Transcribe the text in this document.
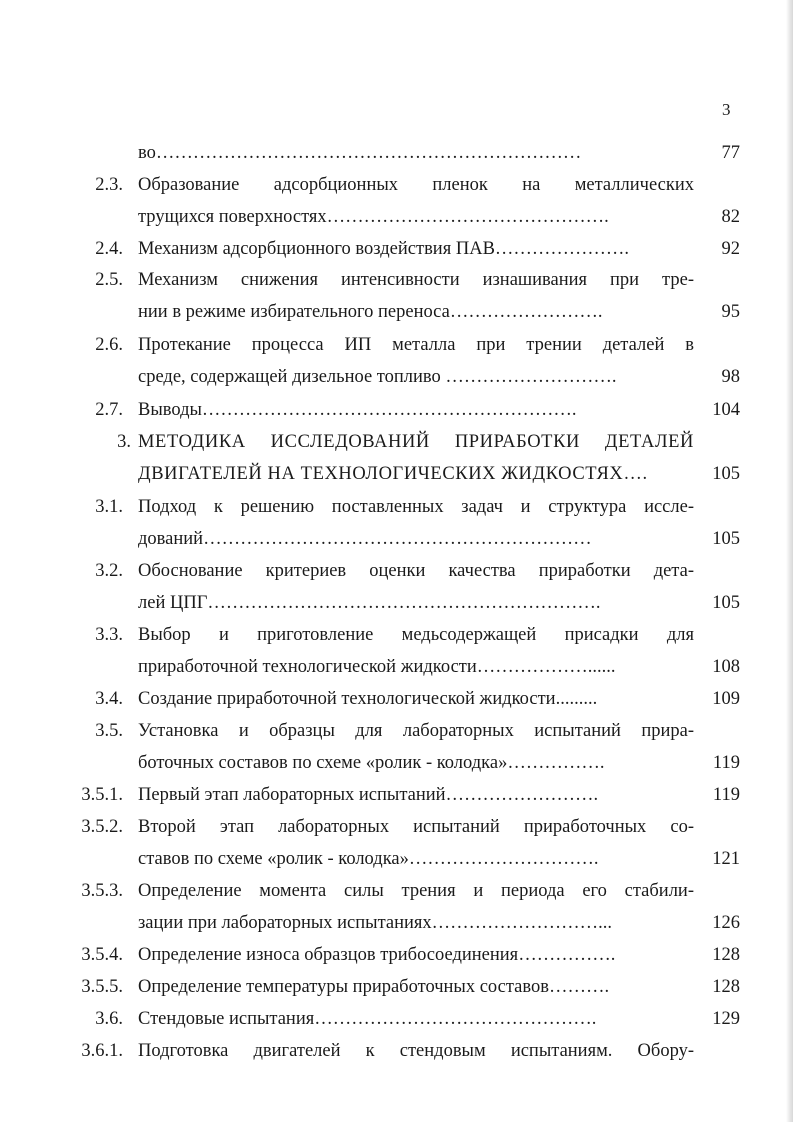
3
во……………………………………………………………	77
2.3. Образование адсорбционных пленок на металлических
трущихся поверхностях……………………………………….	82
2.4. Механизм адсорбционного воздействия ПАВ………………….	92
2.5. Механизм снижения интенсивности изнашивания при тре-
нии в режиме избирательного переноса…………………….	95
2.6. Протекание процесса ИП металла при трении деталей в
среде, содержащей дизельное топливо ……………………….	98
2.7. Выводы…………………………………………………….	104
3. МЕТОДИКА ИССЛЕДОВАНИЙ ПРИРАБОТКИ ДЕТАЛЕЙ
ДВИГАТЕЛЕЙ НА ТЕХНОЛОГИЧЕСКИХ ЖИДКОСТЯХ….	105
3.1. Подход к решению поставленных задач и структура иссле-
дований………………………………………………………	105
3.2. Обоснование критериев оценки качества приработки дета-
лей ЦПГ……………………………………………………….	105
3.3. Выбор и приготовление медьсодержащей присадки для
приработочной технологической жидкости………………......	108
3.4. Создание приработочной технологической жидкости.........	109
3.5. Установка и образцы для лабораторных испытаний прира-
боточных составов по схеме «ролик - колодка»…………….	119
3.5.1. Первый этап лабораторных испытаний…………………….	119
3.5.2. Второй этап лабораторных испытаний приработочных со-
ставов по схеме «ролик - колодка»………………………….	121
3.5.3. Определение момента силы трения и периода его стабили-
зации при лабораторных испытаниях………………………...	126
3.5.4. Определение износа образцов трибосоединения…………….	128
3.5.5. Определение температуры приработочных составов……….	128
3.6. Стендовые испытания……………………………………….	129
3.6.1. Подготовка двигателей к стендовым испытаниям. Обору-
